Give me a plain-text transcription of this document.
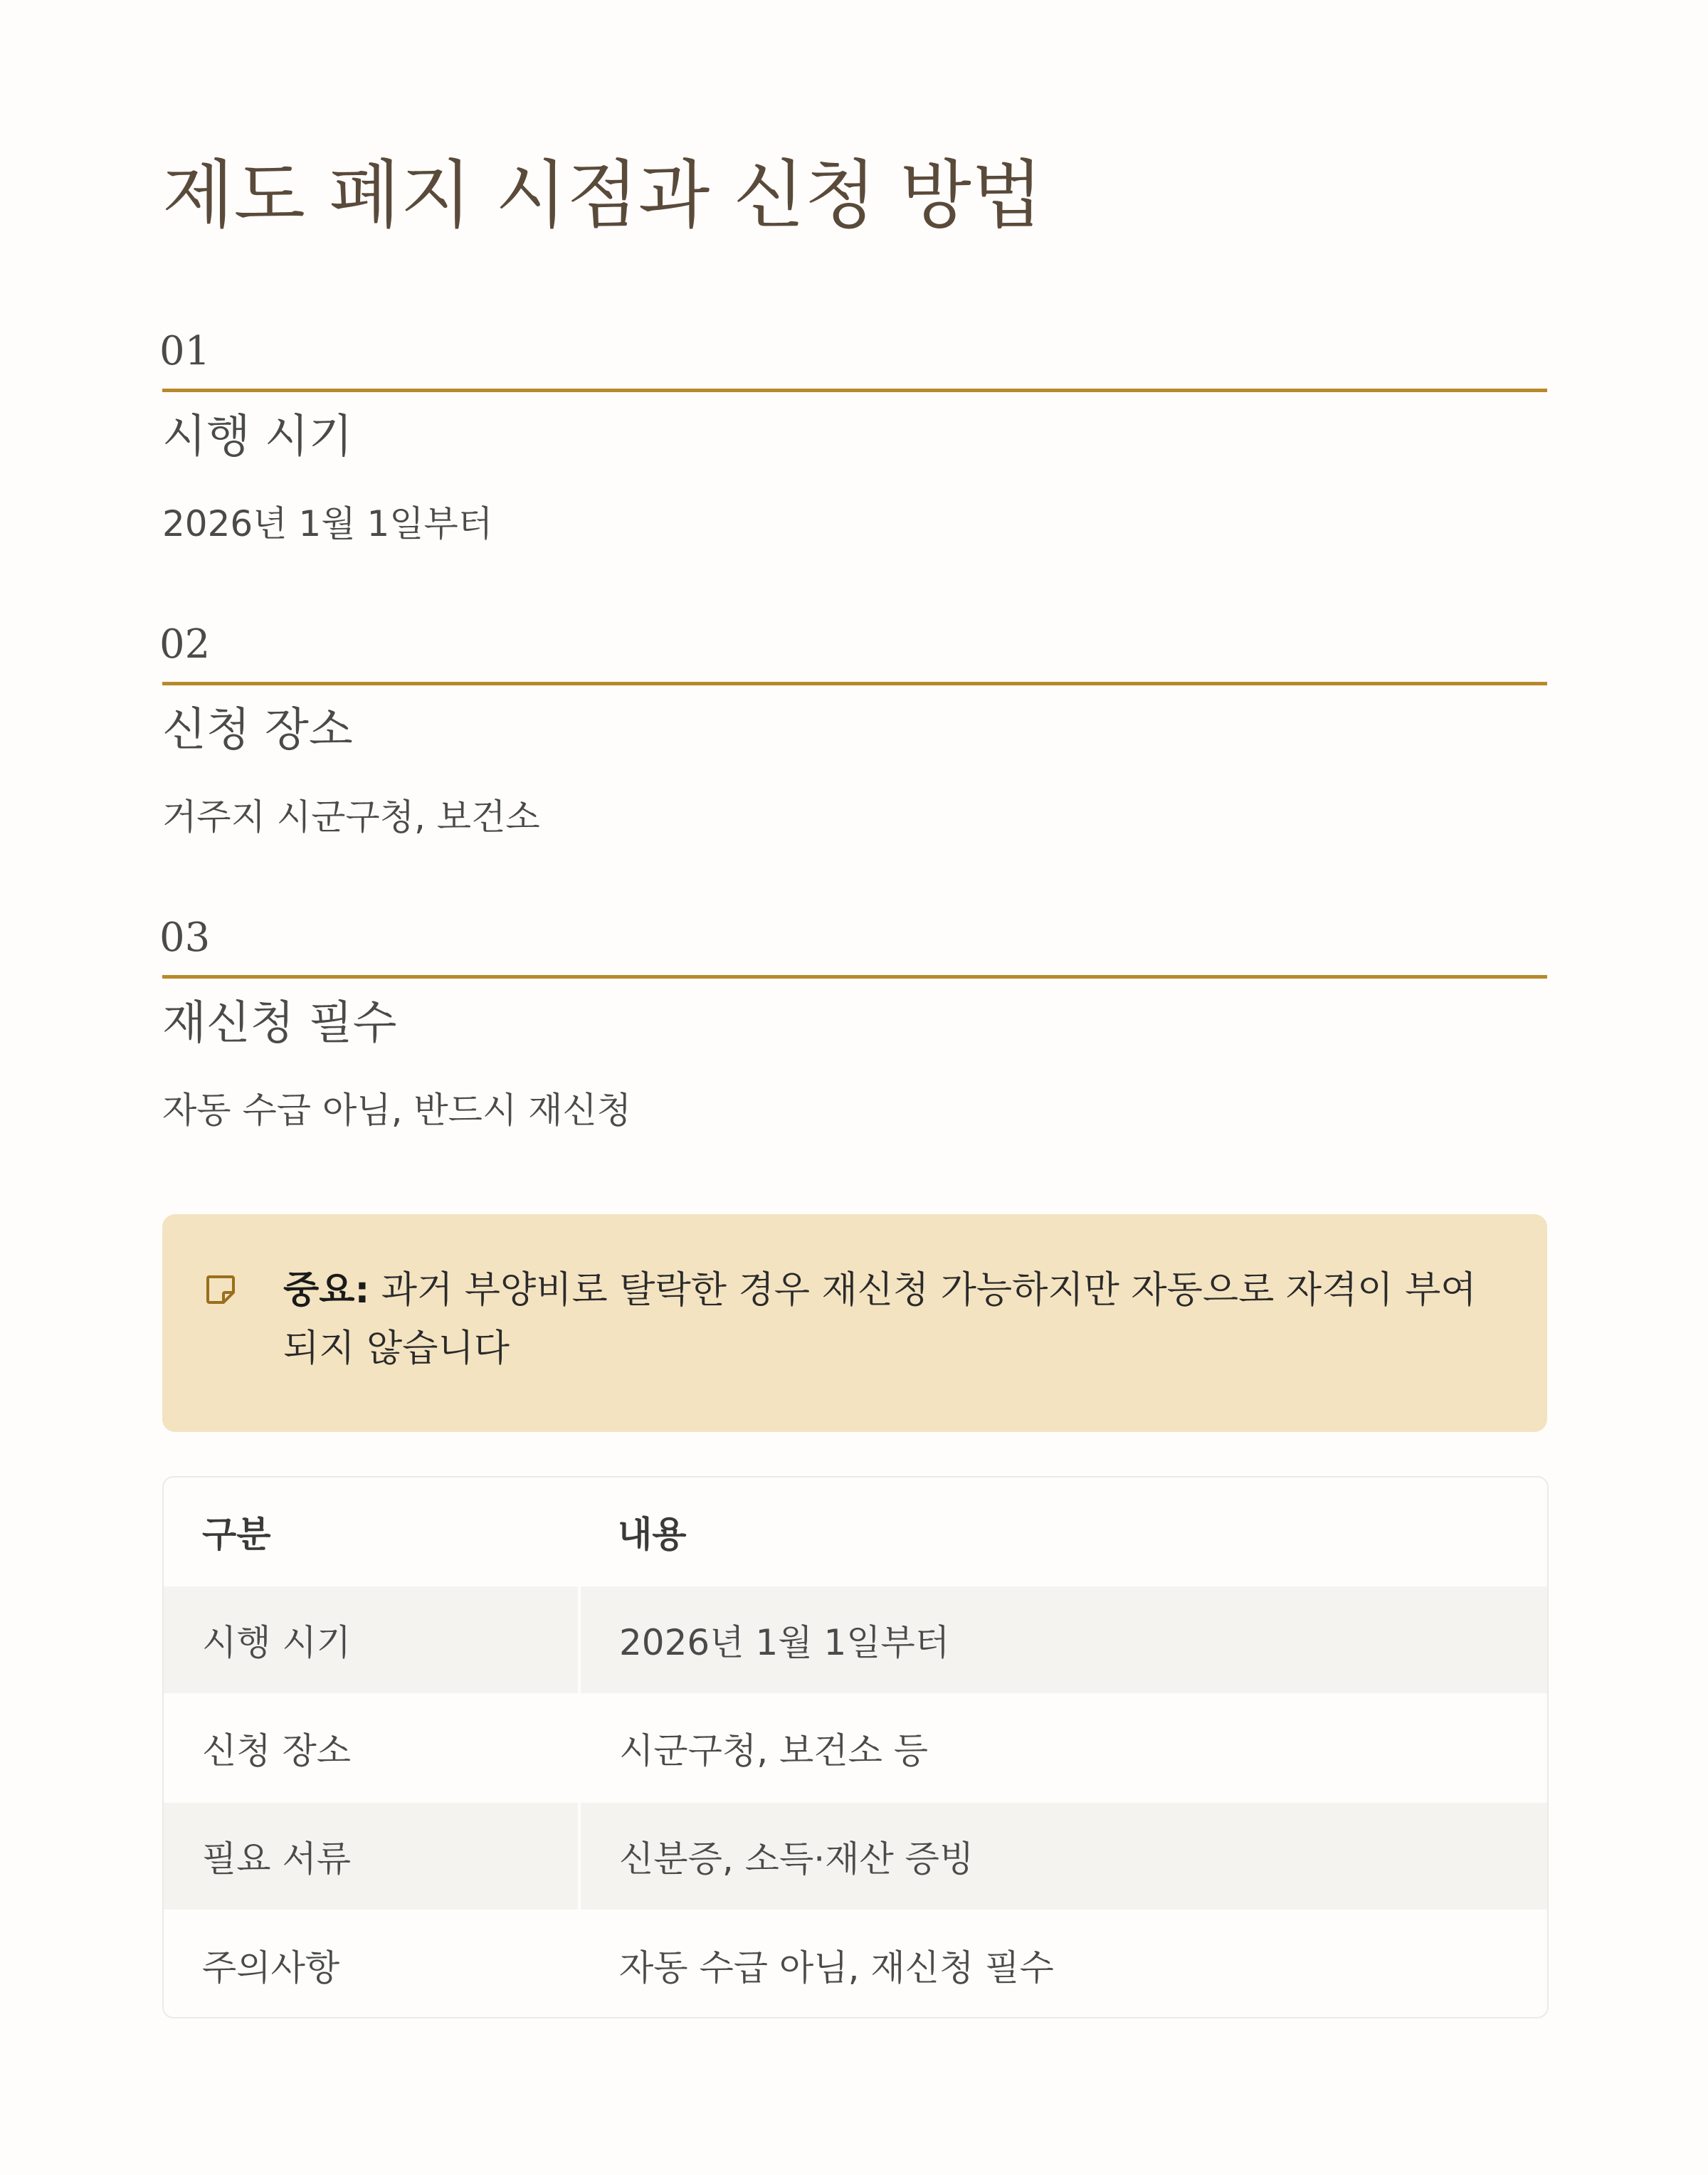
제도 폐지 시점과 신청 방법
01
시행 시기
2026년 1월 1일부터
02
신청 장소
거주지 시군구청, 보건소
03
재신청 필수
자동 수급 아님, 반드시 재신청
중요: 과거 부양비로 탈락한 경우 재신청 가능하지만 자동으로 자격이 부여되지 않습니다
구분	내용
시행 시기	2026년 1월 1일부터
신청 장소	시군구청, 보건소 등
필요 서류	신분증, 소득·재산 증빙
주의사항	자동 수급 아님, 재신청 필수
